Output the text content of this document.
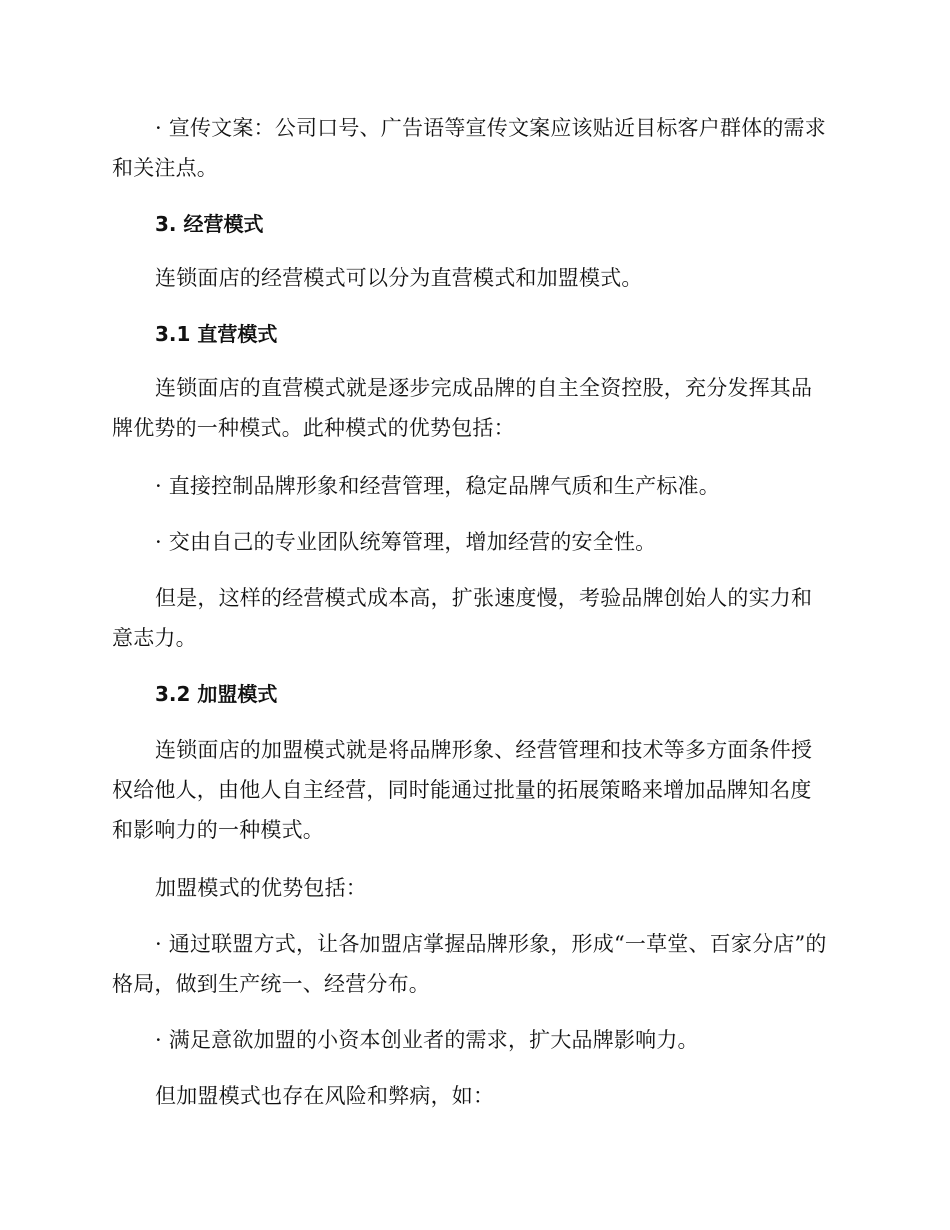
· 宣传文案：公司口号、广告语等宣传文案应该贴近目标客户群体的需求和关注点。

3. 经营模式

连锁面店的经营模式可以分为直营模式和加盟模式。

3.1 直营模式

连锁面店的直营模式就是逐步完成品牌的自主全资控股，充分发挥其品牌优势的一种模式。此种模式的优势包括：

· 直接控制品牌形象和经营管理，稳定品牌气质和生产标准。

· 交由自己的专业团队统筹管理，增加经营的安全性。

但是，这样的经营模式成本高，扩张速度慢，考验品牌创始人的实力和意志力。

3.2 加盟模式

连锁面店的加盟模式就是将品牌形象、经营管理和技术等多方面条件授权给他人，由他人自主经营，同时能通过批量的拓展策略来增加品牌知名度和影响力的一种模式。

加盟模式的优势包括：

· 通过联盟方式，让各加盟店掌握品牌形象，形成“一草堂、百家分店”的格局，做到生产统一、经营分布。

· 满足意欲加盟的小资本创业者的需求，扩大品牌影响力。

但加盟模式也存在风险和弊病，如：
